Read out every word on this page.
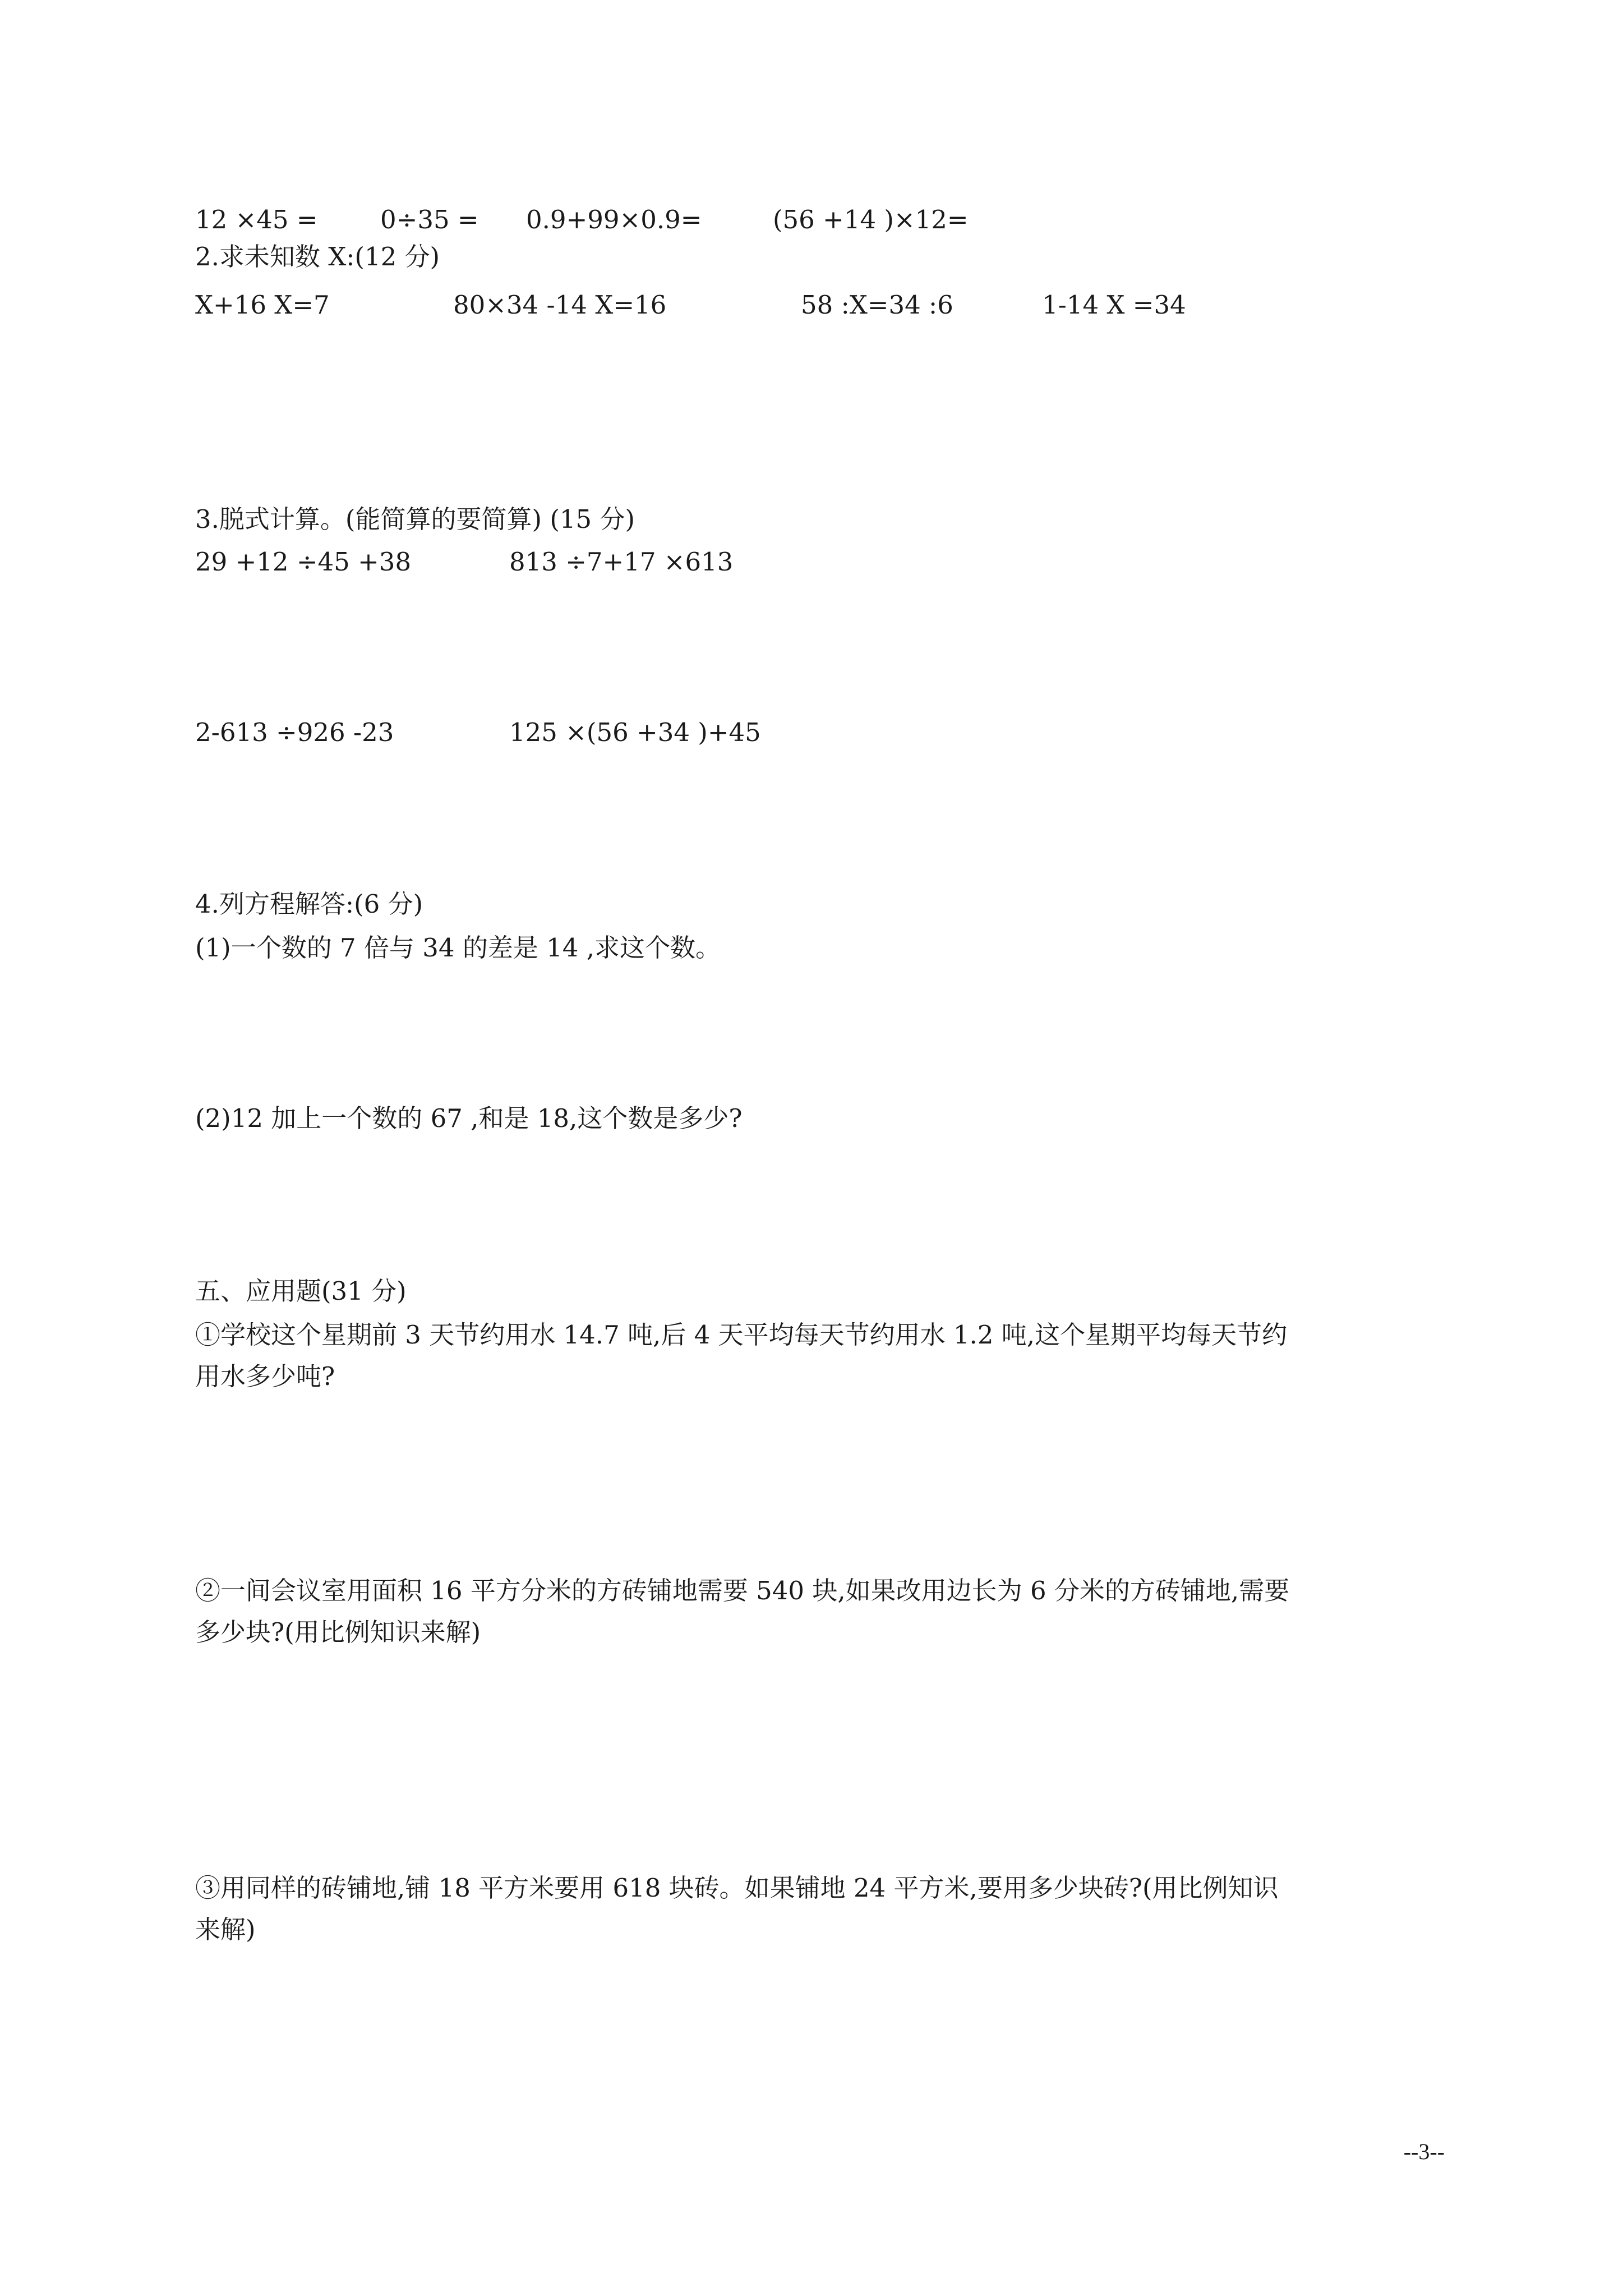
12 ×45 = 0÷35 = 0.9+99×0.9=	(56 +14 )×12=

2.求未知数 X:(12 分)

X+16 X=7	80×34 -14 X=16	58 :X=34 :6	1-14 X =34

3.脱式计算。(能简算的要简算) (15 分)

29 +12 ÷45 +38	813 ÷7+17 ×613
2-613 ÷926 -23	125 ×(56 +34 )+45

4.列方程解答:(6 分)

(1)一个数的 7 倍与 34 的差是 14 ,求这个数。

(2)12 加上一个数的 67 ,和是 18,这个数是多少?

五、应用题(31 分)

①学校这个星期前 3 天节约用水 14.7 吨,后 4 天平均每天节约用水 1.2 吨,这个星期平均每天节约

用水多少吨?

②一间会议室用面积 16 平方分米的方砖铺地需要 540 块,如果改用边长为 6 分米的方砖铺地,需要

多少块?(用比例知识来解)

③用同样的砖铺地,铺 18 平方米要用 618 块砖。如果铺地 24 平方米,要用多少块砖?(用比例知识

来解)

--3--
